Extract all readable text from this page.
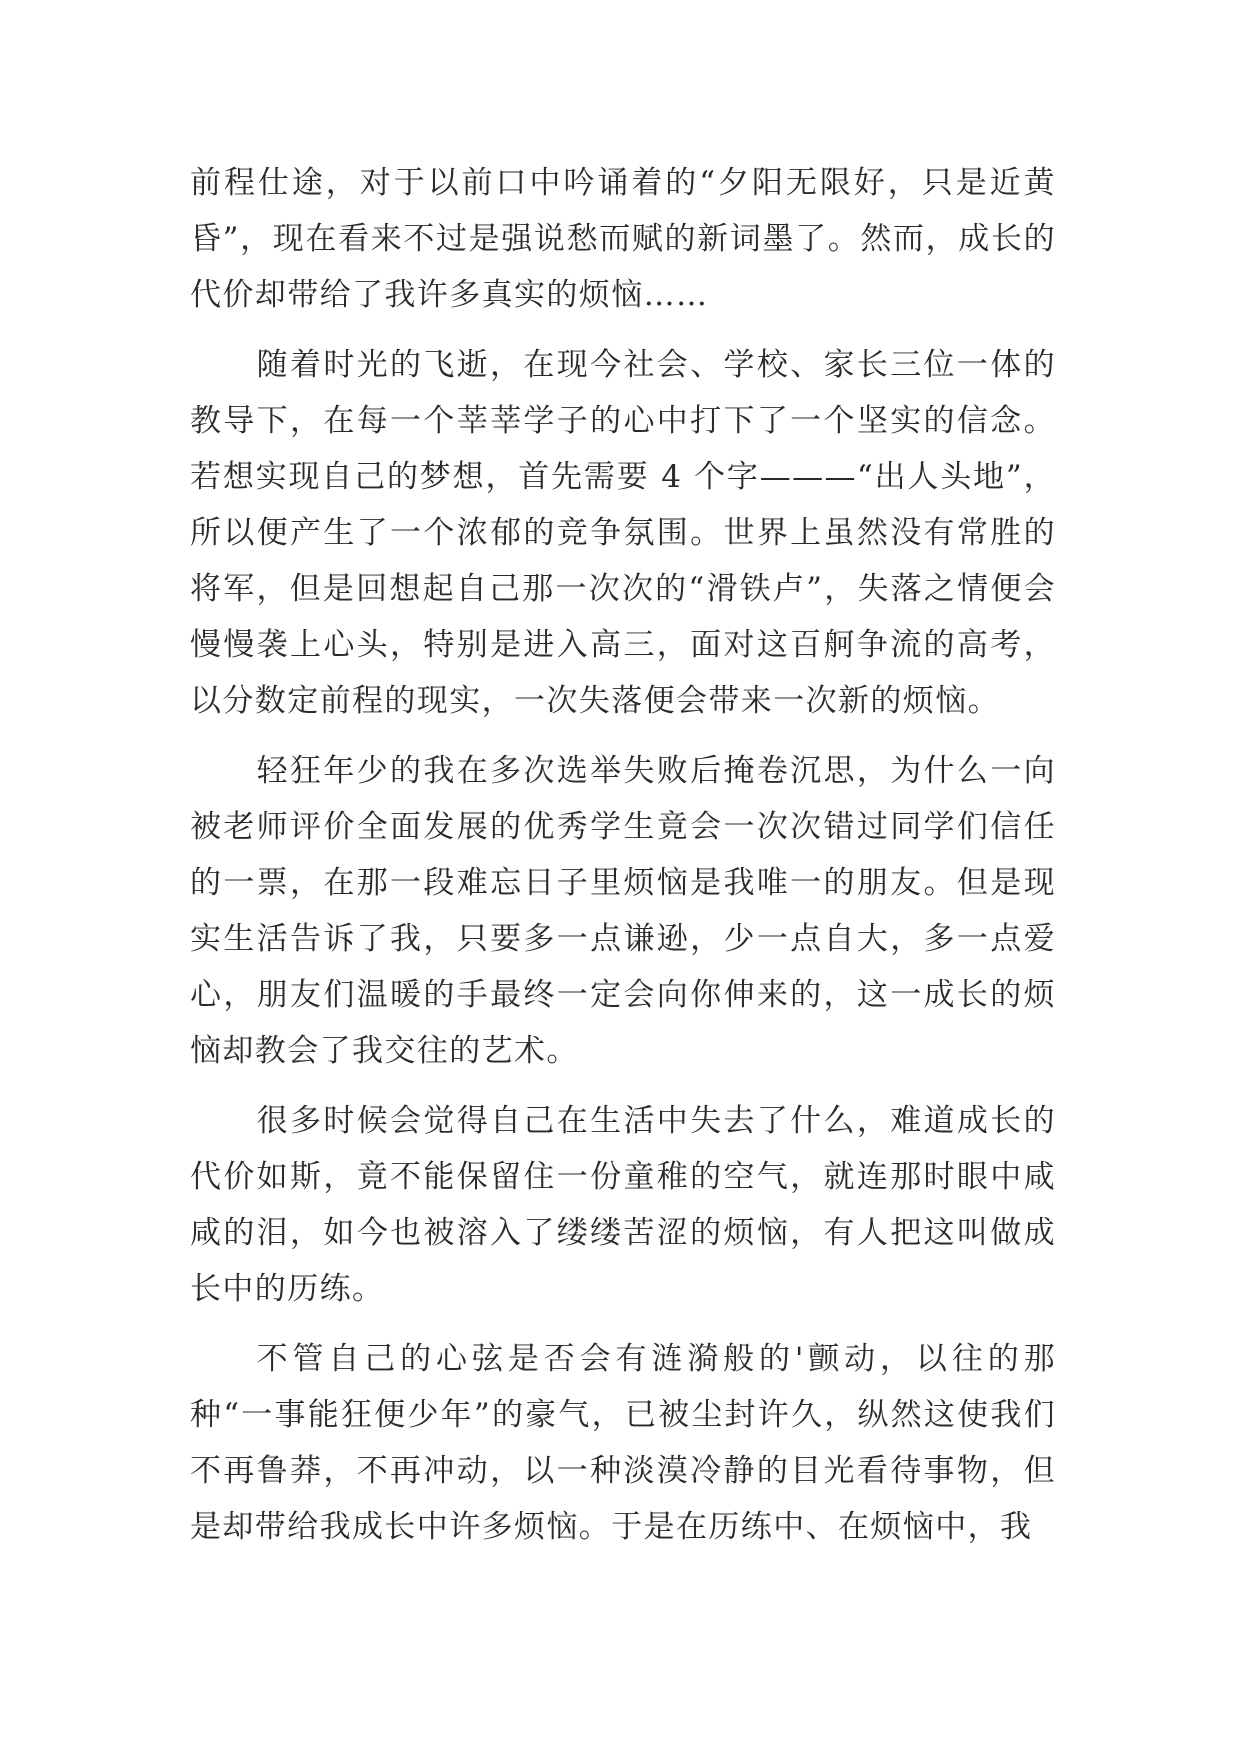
前程仕途，对于以前口中吟诵着的“夕阳无限好，只是近黄昏”，现在看来不过是强说愁而赋的新词墨了。然而，成长的代价却带给了我许多真实的烦恼……

随着时光的飞逝，在现今社会、学校、家长三位一体的教导下，在每一个莘莘学子的心中打下了一个坚实的信念。若想实现自己的梦想，首先需要 4 个字———“出人头地”，所以便产生了一个浓郁的竞争氛围。世界上虽然没有常胜的将军，但是回想起自己那一次次的“滑铁卢”，失落之情便会慢慢袭上心头，特别是进入高三，面对这百舸争流的高考，以分数定前程的现实，一次失落便会带来一次新的烦恼。

轻狂年少的我在多次选举失败后掩卷沉思，为什么一向被老师评价全面发展的优秀学生竟会一次次错过同学们信任的一票，在那一段难忘日子里烦恼是我唯一的朋友。但是现实生活告诉了我，只要多一点谦逊，少一点自大，多一点爱心，朋友们温暖的手最终一定会向你伸来的，这一成长的烦恼却教会了我交往的艺术。

很多时候会觉得自己在生活中失去了什么，难道成长的代价如斯，竟不能保留住一份童稚的空气，就连那时眼中咸咸的泪，如今也被溶入了缕缕苦涩的烦恼，有人把这叫做成长中的历练。

不管自己的心弦是否会有涟漪般的'颤动，以往的那种“一事能狂便少年”的豪气，已被尘封许久，纵然这使我们不再鲁莽，不再冲动，以一种淡漠冷静的目光看待事物，但是却带给我成长中许多烦恼。于是在历练中、在烦恼中，我
